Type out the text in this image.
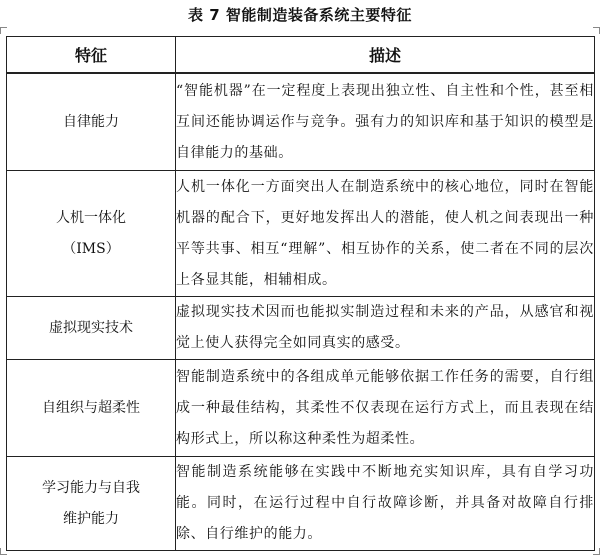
表 7 智能制造装备系统主要特征
特征	描述

自律能力	“智能机器”在一定程度上表现出独立性、自主性和个性，甚至相互间还能协调运作与竞争。强有力的知识库和基于知识的模型是自律能力的基础。

人机一体化
（IMS）	人机一体化一方面突出人在制造系统中的核心地位，同时在智能机器的配合下，更好地发挥出人的潜能，使人机之间表现出一种平等共事、相互“理解”、相互协作的关系，使二者在不同的层次上各显其能，相辅相成。

虚拟现实技术	虚拟现实技术因而也能拟实制造过程和未来的产品，从感官和视觉上使人获得完全如同真实的感受。

自组织与超柔性	智能制造系统中的各组成单元能够依据工作任务的需要，自行组成一种最佳结构，其柔性不仅表现在运行方式上，而且表现在结构形式上，所以称这种柔性为超柔性。

学习能力与自我
维护能力	智能制造系统能够在实践中不断地充实知识库，具有自学习功能。同时，在运行过程中自行故障诊断，并具备对故障自行排除、自行维护的能力。
